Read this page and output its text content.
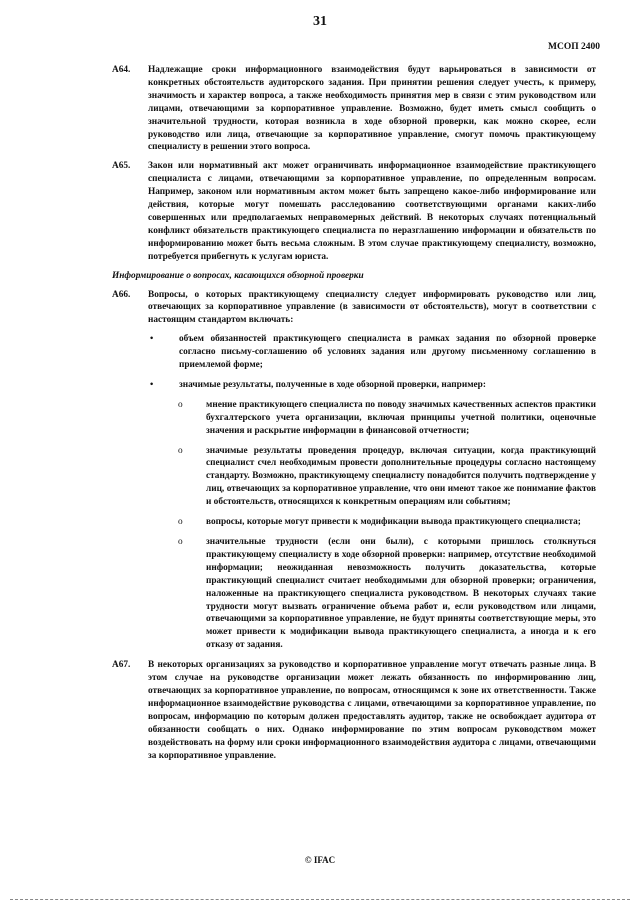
31
МСОП 2400
A64. Надлежащие сроки информационного взаимодействия будут варьироваться в зависимости от конкретных обстоятельств аудиторского задания. При принятии решения следует учесть, к примеру, значимость и характер вопроса, а также необходимость принятия мер в связи с этим руководством или лицами, отвечающими за корпоративное управление. Возможно, будет иметь смысл сообщить о значительной трудности, которая возникла в ходе обзорной проверки, как можно скорее, если руководство или лица, отвечающие за корпоративное управление, смогут помочь практикующему специалисту в решении этого вопроса.
A65. Закон или нормативный акт может ограничивать информационное взаимодействие практикующего специалиста с лицами, отвечающими за корпоративное управление, по определенным вопросам. Например, законом или нормативным актом может быть запрещено какое-либо информирование или действия, которые могут помешать расследованию соответствующими органами каких-либо совершенных или предполагаемых неправомерных действий. В некоторых случаях потенциальный конфликт обязательств практикующего специалиста по неразглашению информации и обязательств по информированию может быть весьма сложным. В этом случае практикующему специалисту, возможно, потребуется прибегнуть к услугам юриста.
Информирование о вопросах, касающихся обзорной проверки
A66. Вопросы, о которых практикующему специалисту следует информировать руководство или лиц, отвечающих за корпоративное управление (в зависимости от обстоятельств), могут в соответствии с настоящим стандартом включать:
•	объем обязанностей практикующего специалиста в рамках задания по обзорной проверке согласно письму-соглашению об условиях задания или другому письменному соглашению в приемлемой форме;
•	значимые результаты, полученные в ходе обзорной проверки, например:
o	мнение практикующего специалиста по поводу значимых качественных аспектов практики бухгалтерского учета организации, включая принципы учетной политики, оценочные значения и раскрытие информации в финансовой отчетности;
o	значимые результаты проведения процедур, включая ситуации, когда практикующий специалист счел необходимым провести дополнительные процедуры согласно настоящему стандарту. Возможно, практикующему специалисту понадобится получить подтверждение у лиц, отвечающих за корпоративное управление, что они имеют такое же понимание фактов и обстоятельств, относящихся к конкретным операциям или событиям;
o	вопросы, которые могут привести к модификации вывода практикующего специалиста;
o	значительные трудности (если они были), с которыми пришлось столкнуться практикующему специалисту в ходе обзорной проверки: например, отсутствие необходимой информации; неожиданная невозможность получить доказательства, которые практикующий специалист считает необходимыми для обзорной проверки; ограничения, наложенные на практикующего специалиста руководством. В некоторых случаях такие трудности могут вызвать ограничение объема работ и, если руководством или лицами, отвечающими за корпоративное управление, не будут приняты соответствующие меры, это может привести к модификации вывода практикующего специалиста, а иногда и к его отказу от задания.
A67. В некоторых организациях за руководство и корпоративное управление могут отвечать разные лица. В этом случае на руководстве организации может лежать обязанность по информированию лиц, отвечающих за корпоративное управление, по вопросам, относящимся к зоне их ответственности. Также информационное взаимодействие руководства с лицами, отвечающими за корпоративное управление, по вопросам, информацию по которым должен предоставлять аудитор, также не освобождает аудитора от обязанности сообщать о них. Однако информирование по этим вопросам руководством может воздействовать на форму или сроки информационного взаимодействия аудитора с лицами, отвечающими за корпоративное управление.
© IFAC
